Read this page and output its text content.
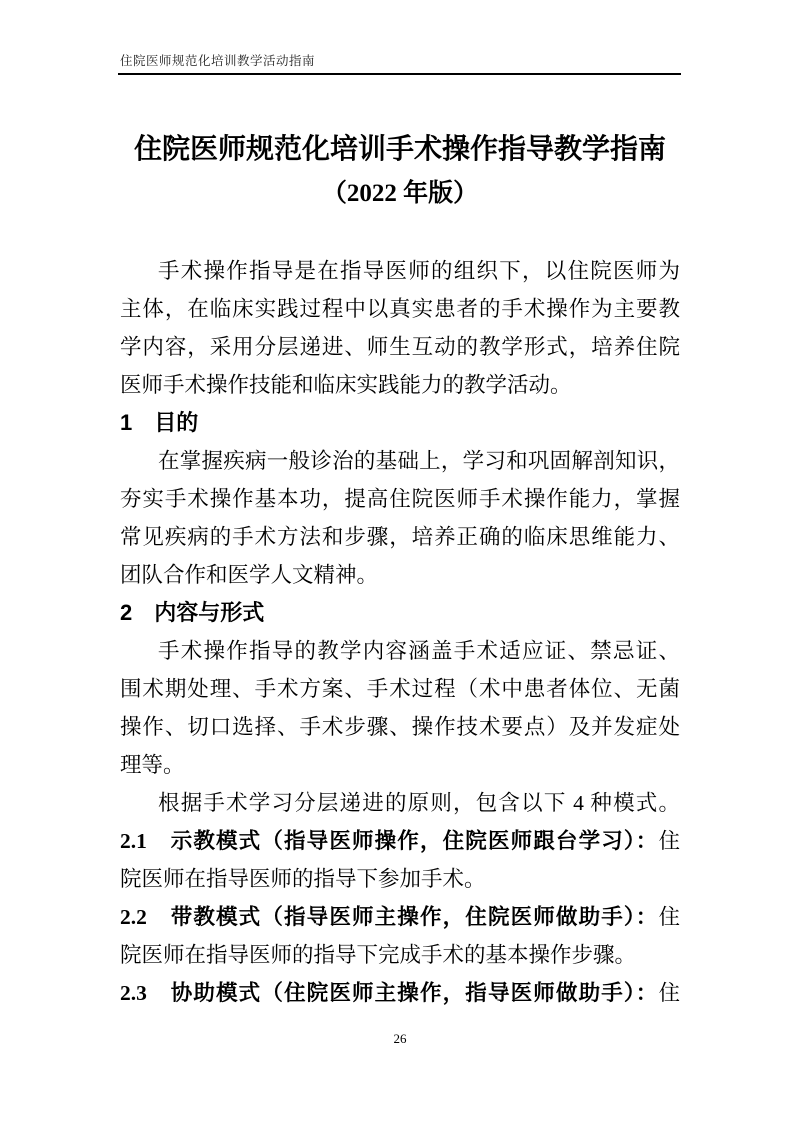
住院医师规范化培训教学活动指南
住院医师规范化培训手术操作指导教学指南
（2022 年版）
手术操作指导是在指导医师的组织下，以住院医师为
主体，在临床实践过程中以真实患者的手术操作为主要教
学内容，采用分层递进、师生互动的教学形式，培养住院
医师手术操作技能和临床实践能力的教学活动。
1　目的
在掌握疾病一般诊治的基础上，学习和巩固解剖知识，
夯实手术操作基本功，提高住院医师手术操作能力，掌握
常见疾病的手术方法和步骤，培养正确的临床思维能力、
团队合作和医学人文精神。
2　内容与形式
手术操作指导的教学内容涵盖手术适应证、禁忌证、
围术期处理、手术方案、手术过程（术中患者体位、无菌
操作、切口选择、手术步骤、操作技术要点）及并发症处
理等。
根据手术学习分层递进的原则，包含以下 4 种模式。
2.1　示教模式（指导医师操作，住院医师跟台学习）：住
院医师在指导医师的指导下参加手术。
2.2　带教模式（指导医师主操作，住院医师做助手）：住
院医师在指导医师的指导下完成手术的基本操作步骤。
2.3　协助模式（住院医师主操作，指导医师做助手）：住
26
